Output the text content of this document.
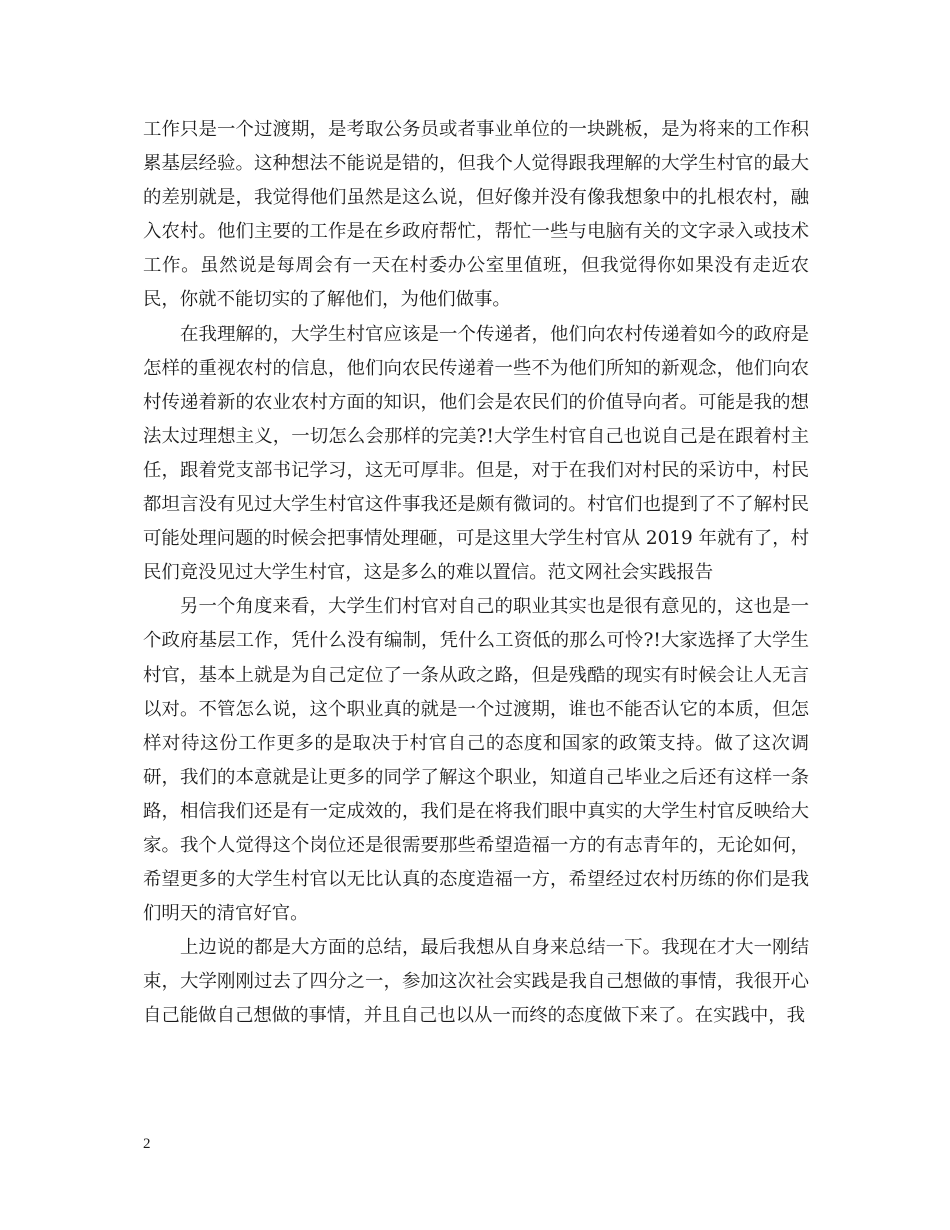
工作只是一个过渡期，是考取公务员或者事业单位的一块跳板，是为将来的工作积累基层经验。这种想法不能说是错的，但我个人觉得跟我理解的大学生村官的最大的差别就是，我觉得他们虽然是这么说，但好像并没有像我想象中的扎根农村，融入农村。他们主要的工作是在乡政府帮忙，帮忙一些与电脑有关的文字录入或技术工作。虽然说是每周会有一天在村委办公室里值班，但我觉得你如果没有走近农民，你就不能切实的了解他们，为他们做事。

在我理解的，大学生村官应该是一个传递者，他们向农村传递着如今的政府是怎样的重视农村的信息，他们向农民传递着一些不为他们所知的新观念，他们向农村传递着新的农业农村方面的知识，他们会是农民们的价值导向者。可能是我的想法太过理想主义，一切怎么会那样的完美?!大学生村官自己也说自己是在跟着村主任，跟着党支部书记学习，这无可厚非。但是，对于在我们对村民的采访中，村民都坦言没有见过大学生村官这件事我还是颇有微词的。村官们也提到了不了解村民可能处理问题的时候会把事情处理砸，可是这里大学生村官从 2019 年就有了，村民们竟没见过大学生村官，这是多么的难以置信。范文网社会实践报告

另一个角度来看，大学生们村官对自己的职业其实也是很有意见的，这也是一个政府基层工作，凭什么没有编制，凭什么工资低的那么可怜?!大家选择了大学生村官，基本上就是为自己定位了一条从政之路，但是残酷的现实有时候会让人无言以对。不管怎么说，这个职业真的就是一个过渡期，谁也不能否认它的本质，但怎样对待这份工作更多的是取决于村官自己的态度和国家的政策支持。做了这次调研，我们的本意就是让更多的同学了解这个职业，知道自己毕业之后还有这样一条路，相信我们还是有一定成效的，我们是在将我们眼中真实的大学生村官反映给大家。我个人觉得这个岗位还是很需要那些希望造福一方的有志青年的，无论如何，希望更多的大学生村官以无比认真的态度造福一方，希望经过农村历练的你们是我们明天的清官好官。

上边说的都是大方面的总结，最后我想从自身来总结一下。我现在才大一刚结束，大学刚刚过去了四分之一，参加这次社会实践是我自己想做的事情，我很开心自己能做自己想做的事情，并且自己也以从一而终的态度做下来了。在实践中，我

2
